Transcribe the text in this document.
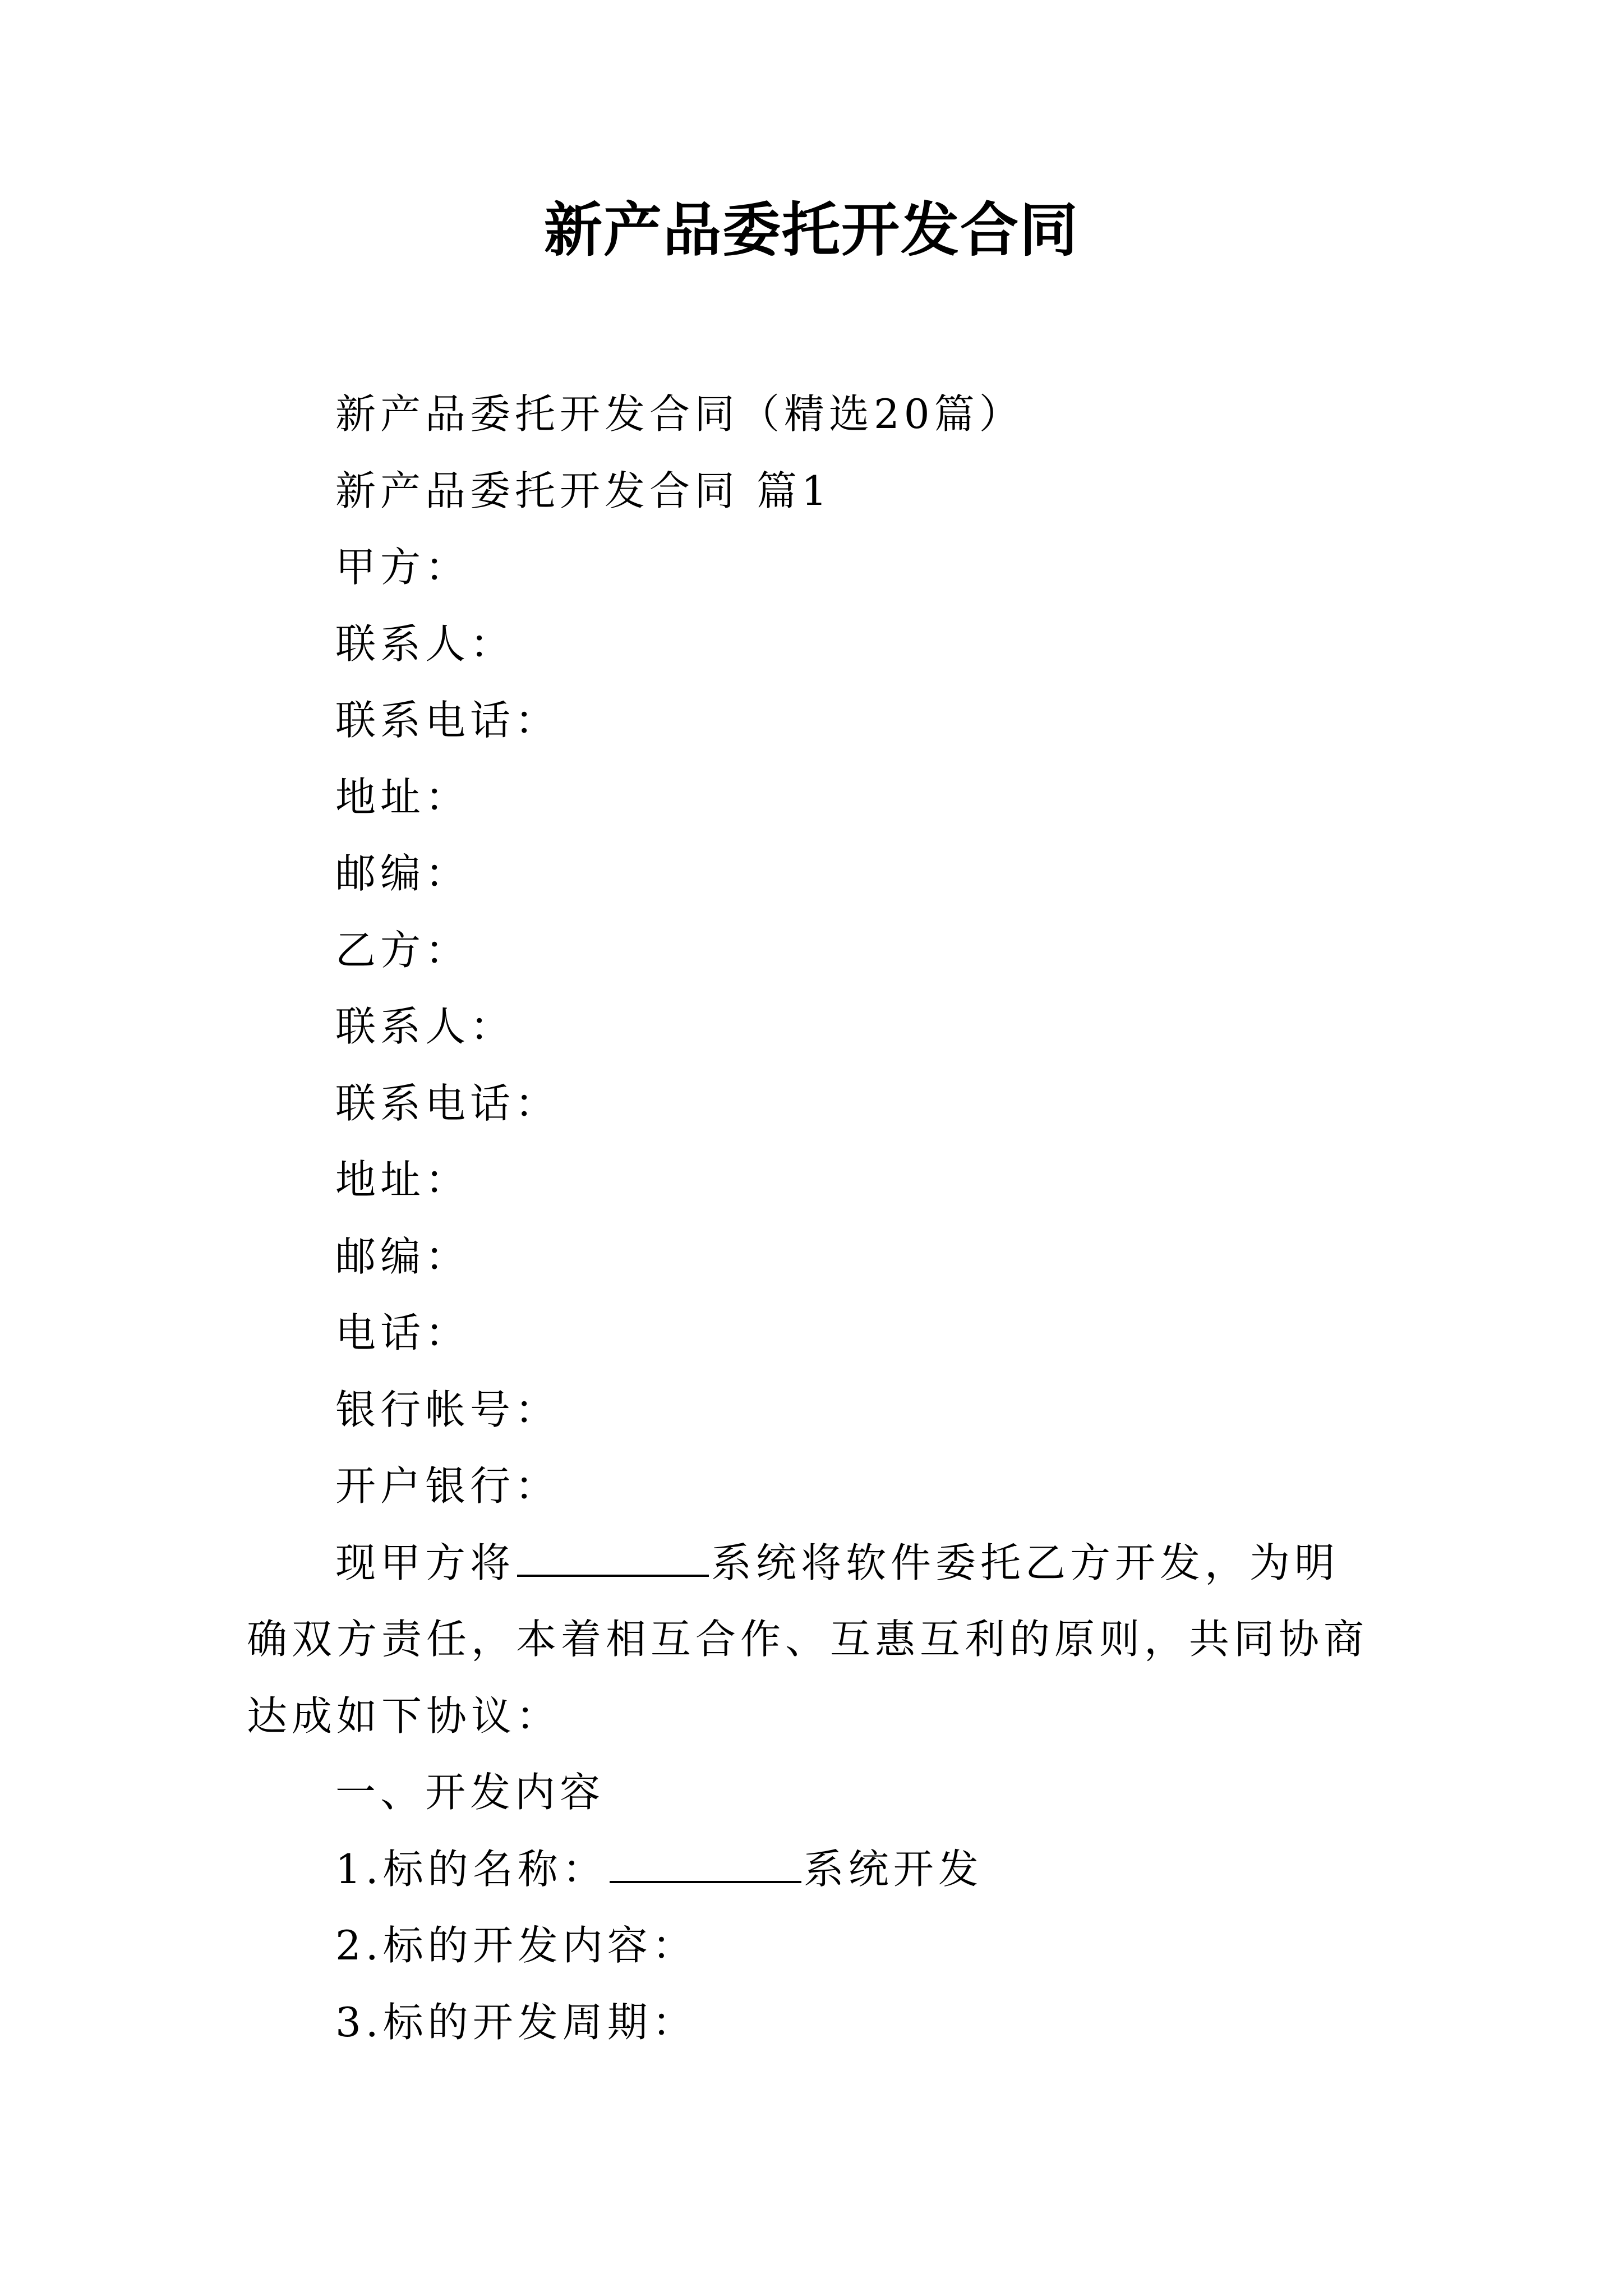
新产品委托开发合同

新产品委托开发合同（精选20篇）

新产品委托开发合同 篇1

甲方：

联系人：

联系电话：

地址：

邮编：

乙方：

联系人：

联系电话：

地址：

邮编：

电话：

银行帐号：

开户银行：

现甲方将	系统将软件委托乙方开发，为明确双方责任，本着相互合作、互惠互利的原则，共同协商达成如下协议：

一、开发内容

1.标的名称：	系统开发

2.标的开发内容：

3.标的开发周期：
